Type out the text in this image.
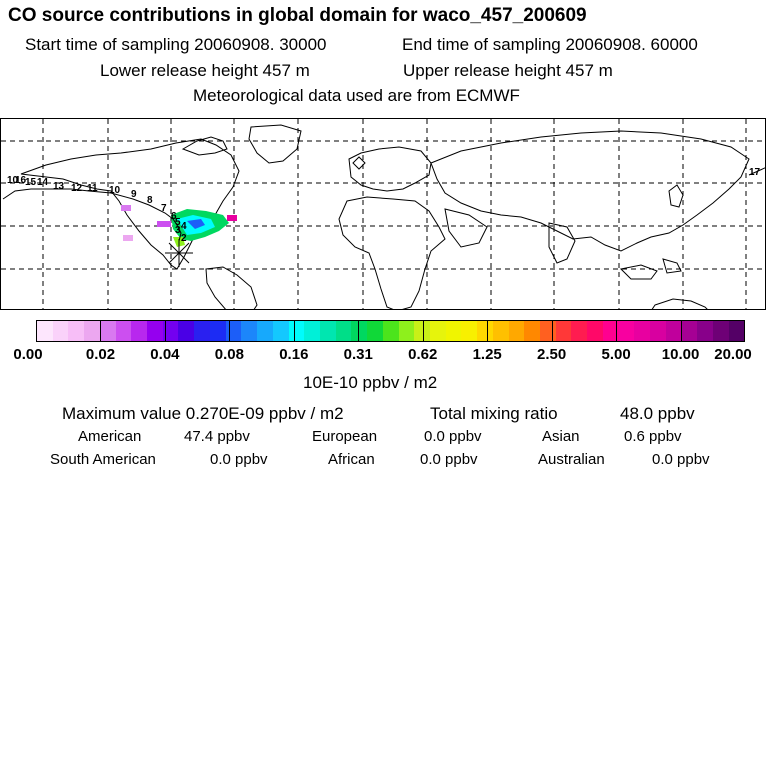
CO source contributions in global domain for waco_457_200609
Start time of sampling 20060908. 30000	End time of sampling 20060908. 60000
Lower release height 457 m	Upper release height 457 m
Meteorological data used are from ECMWF
10
16
15 14 13 12 11 10 9
8
7
6
5 4
3
2
17
0.00	0.02 0.04 0.08 0.16 0.31 0.62 1.25 2.50 5.00 10.00 20.00
10E-10 ppbv / m2
Maximum value 0.270E-09 ppbv / m2	Total mixing ratio	48.0 ppbv
American	47.4 ppbv	European	0.0 ppbv	Asian	0.6 ppbv
South American	0.0 ppbv	African	0.0 ppbv	Australian	0.0 ppbv
